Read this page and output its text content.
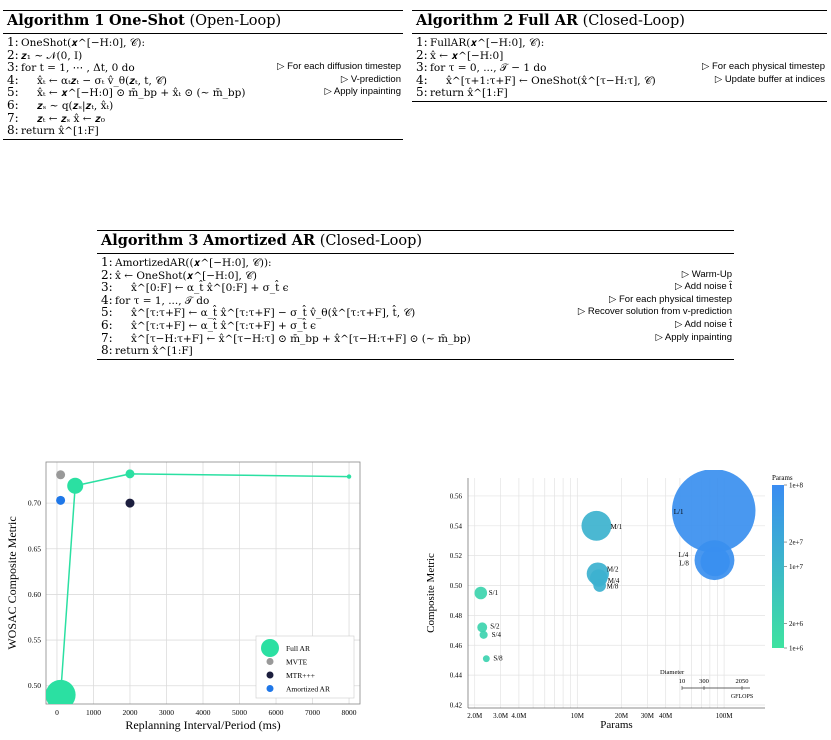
Algorithm 1 One-Shot (Open-Loop)
1: OneShot(𝒙^[−H:0], 𝒞):
2: 𝒛₁ ∼ 𝒩(0, I)
3: for t = 1, ⋯ , Δt, 0 do	▷ For each diffusion timestep
4: x̂ₜ ← αₜ𝒛ₜ − σₜ v̂_θ(𝒛ₜ, t, 𝒞)	▷ V-prediction
5: x̂ₜ ← 𝒙^[−H:0] ⊙ m̄_bp + x̂ₜ ⊙ (∼ m̄_bp)	▷ Apply inpainting
6: 𝒛ₛ ∼ q(𝒛ₛ|𝒛ₜ, x̂ₜ)
7: 𝒛ₜ ← 𝒛ₛ x̂ ← 𝒛₀
8: return x̂^[1:F]
Algorithm 2 Full AR (Closed-Loop)
1: FullAR(𝒙^[−H:0], 𝒞):
2: x̂ ← 𝒙^[−H:0]
3: for τ = 0, ..., 𝒯 − 1 do	▷ For each physical timestep
4: x̂^[τ+1:τ+F] ← OneShot(x̂^[τ−H:τ], 𝒞)	▷ Update buffer at indices
5: return x̂^[1:F]
Algorithm 3 Amortized AR (Closed-Loop)
1: AmortizedAR((𝒙^[−H:0], 𝒞)):
2: x̂ ← OneShot(𝒙^[−H:0], 𝒞)	▷ Warm-Up
3: x̂^[0:F] ← α_t̂ x̂^[0:F] + σ_t̂ ϵ	▷ Add noise t̂
4: for τ = 1, ..., 𝒯 do	▷ For each physical timestep
5: x̂^[τ:τ+F] ← α_t̂ x̂^[τ:τ+F] − σ_t̂ v̂_θ(x̂^[τ:τ+F], t̂, 𝒞)	▷ Recover solution from v-prediction
6: x̂^[τ:τ+F] ← α_t̂ x̂^[τ:τ+F] + σ_t̂ ϵ	▷ Add noise t̂
7: x̂^[τ−H:τ+F] ← x̂^[τ−H:τ] ⊙ m̄_bp + x̂^[τ−H:τ+F] ⊙ (∼ m̄_bp)	▷ Apply inpainting
8: return x̂^[1:F]
0	1000	2000	3000	4000	5000	6000	7000	8000
0.50
0.55
0.60
0.65
0.70
Replanning Interval/Period (ms)
WOSAC Composite Metric	Full AR
MVTE
MTR+++
Amortized AR
0.42
0.44
0.46
0.48
0.50
0.52
0.54
0.56
2.0M 3.0M 4.0M	10M	20M 30M 40M	100M
Params
Composite Metric	S/1
S/2
S/4
S/8
M/1
M/2
M/4
M/8
L/1
L/4
L/8
Params
1e+8
2e+7
1e+7
2e+6
1e+6
Diameter
10 300	2050
GFLOPS
